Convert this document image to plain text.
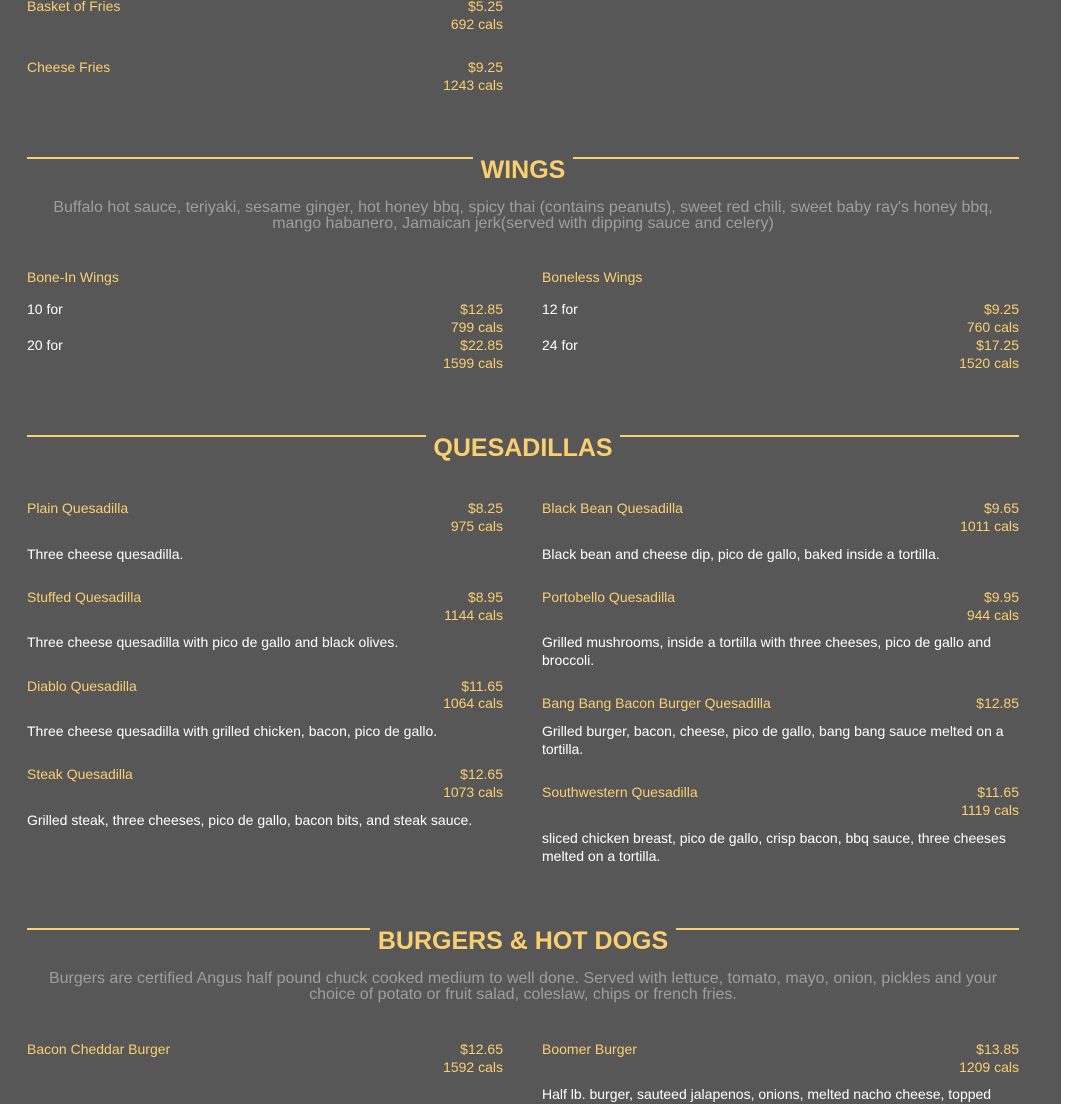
Basket of Fries	$5.25
692 cals
Cheese Fries	$9.25
1243 cals
WINGS
Buffalo hot sauce, teriyaki, sesame ginger, hot honey bbq, spicy thai (contains peanuts), sweet red chili, sweet baby ray's honey bbq, mango habanero, Jamaican jerk(served with dipping sauce and celery)
Bone-In Wings
10 for	$12.85
799 cals
20 for	$22.85
1599 cals
Boneless Wings
12 for	$9.25
760 cals
24 for	$17.25
1520 cals
QUESADILLAS
Plain Quesadilla	$8.25
975 cals
Three cheese quesadilla.
Stuffed Quesadilla	$8.95
1144 cals
Three cheese quesadilla with pico de gallo and black olives.
Diablo Quesadilla	$11.65
1064 cals
Three cheese quesadilla with grilled chicken, bacon, pico de gallo.
Steak Quesadilla	$12.65
1073 cals
Grilled steak, three cheeses, pico de gallo, bacon bits, and steak sauce.
Black Bean Quesadilla	$9.65
1011 cals
Black bean and cheese dip, pico de gallo, baked inside a tortilla.
Portobello Quesadilla	$9.95
944 cals
Grilled mushrooms, inside a tortilla with three cheeses, pico de gallo and broccoli.
Bang Bang Bacon Burger Quesadilla	$12.85
Grilled burger, bacon, cheese, pico de gallo, bang bang sauce melted on a tortilla.
Southwestern Quesadilla	$11.65
1119 cals
sliced chicken breast, pico de gallo, crisp bacon, bbq sauce, three cheeses melted on a tortilla.
BURGERS & HOT DOGS
Burgers are certified Angus half pound chuck cooked medium to well done. Served with lettuce, tomato, mayo, onion, pickles and your choice of potato or fruit salad, coleslaw, chips or french fries.
Bacon Cheddar Burger	$12.65
1592 cals
Boomer Burger	$13.85
1209 cals
Half lb. burger, sauteed jalapenos, onions, melted nacho cheese, topped
